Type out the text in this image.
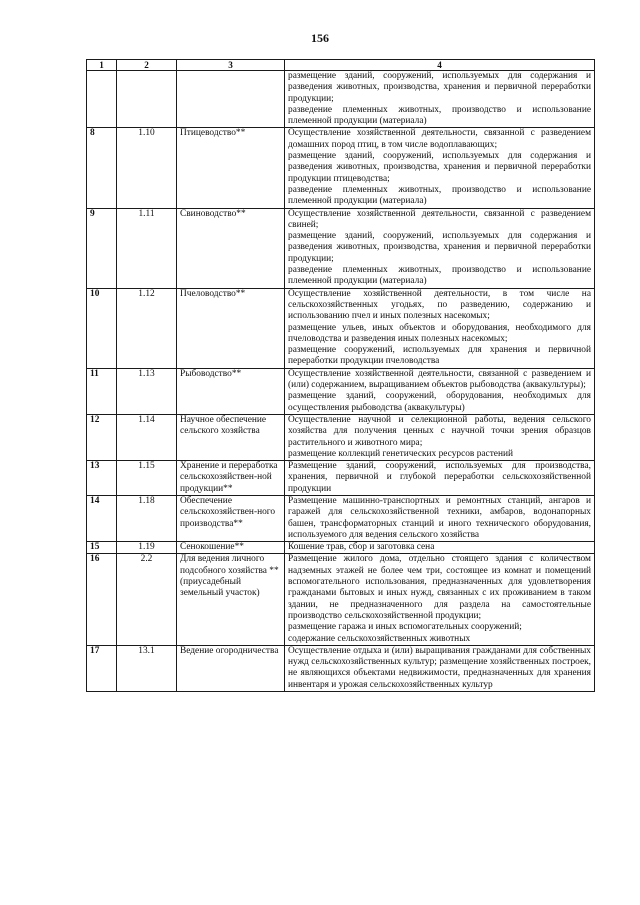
156
1	2	3	4

			размещение зданий, сооружений, используемых для содержания и разведения животных, производства, хранения и первичной переработки продукции;
разведение племенных животных, производство и использование племенной продукции (материала)

8	1.10	Птицеводство**	Осуществление хозяйственной деятельности, связанной с разведением домашних пород птиц, в том числе водоплавающих;
размещение зданий, сооружений, используемых для содержания и разведения животных, производства, хранения и первичной переработки продукции птицеводства;
разведение племенных животных, производство и использование племенной продукции (материала)

9	1.11	Свиноводство**	Осуществление хозяйственной деятельности, связанной с разведением свиней;
размещение зданий, сооружений, используемых для содержания и разведения животных, производства, хранения и первичной переработки продукции;
разведение племенных животных, производство и использование племенной продукции (материала)

10	1.12	Пчеловодство**	Осуществление хозяйственной деятельности, в том числе на сельскохозяйственных угодьях, по разведению, содержанию и использованию пчел и иных полезных насекомых;
размещение ульев, иных объектов и оборудования, необходимого для пчеловодства и разведения иных полезных насекомых;
размещение сооружений, используемых для хранения и первичной переработки продукции пчеловодства

11	1.13	Рыбоводство**	Осуществление хозяйственной деятельности, связанной с разведением и (или) содержанием, выращиванием объектов рыбоводства (аквакультуры);
размещение зданий, сооружений, оборудования, необходимых для осуществления рыбоводства (аквакультуры)

12	1.14	Научное обеспечение сельского хозяйства	Осуществление научной и селекционной работы, ведения сельского хозяйства для получения ценных с научной точки зрения образцов растительного и животного мира;
размещение коллекций генетических ресурсов растений

13	1.15	Хранение и переработка сельскохозяйствен-ной продукции**	Размещение зданий, сооружений, используемых для производства, хранения, первичной и глубокой переработки сельскохозяйственной продукции

14	1.18	Обеспечение сельскохозяйствен-ного производства**	Размещение машинно-транспортных и ремонтных станций, ангаров и гаражей для сельскохозяйственной техники, амбаров, водонапорных башен, трансформаторных станций и иного технического оборудования, используемого для ведения сельского хозяйства

15	1.19	Сенокошение**	Кошение трав, сбор и заготовка сена

16	2.2	Для ведения личного подсобного хозяйства ** (приусадебный земельный участок)	Размещение жилого дома, отдельно стоящего здания с количеством надземных этажей не более чем три, состоящее из комнат и помещений вспомогательного использования, предназначенных для удовлетворения гражданами бытовых и иных нужд, связанных с их проживанием в таком здании, не предназначенного для раздела на самостоятельные производство сельскохозяйственной продукции;
размещение гаража и иных вспомогательных сооружений;
содержание сельскохозяйственных животных

17	13.1	Ведение огородничества	Осуществление отдыха и (или) выращивания гражданами для собственных нужд сельскохозяйственных культур; размещение хозяйственных построек, не являющихся объектами недвижимости, предназначенных для хранения инвентаря и урожая сельскохозяйственных культур
